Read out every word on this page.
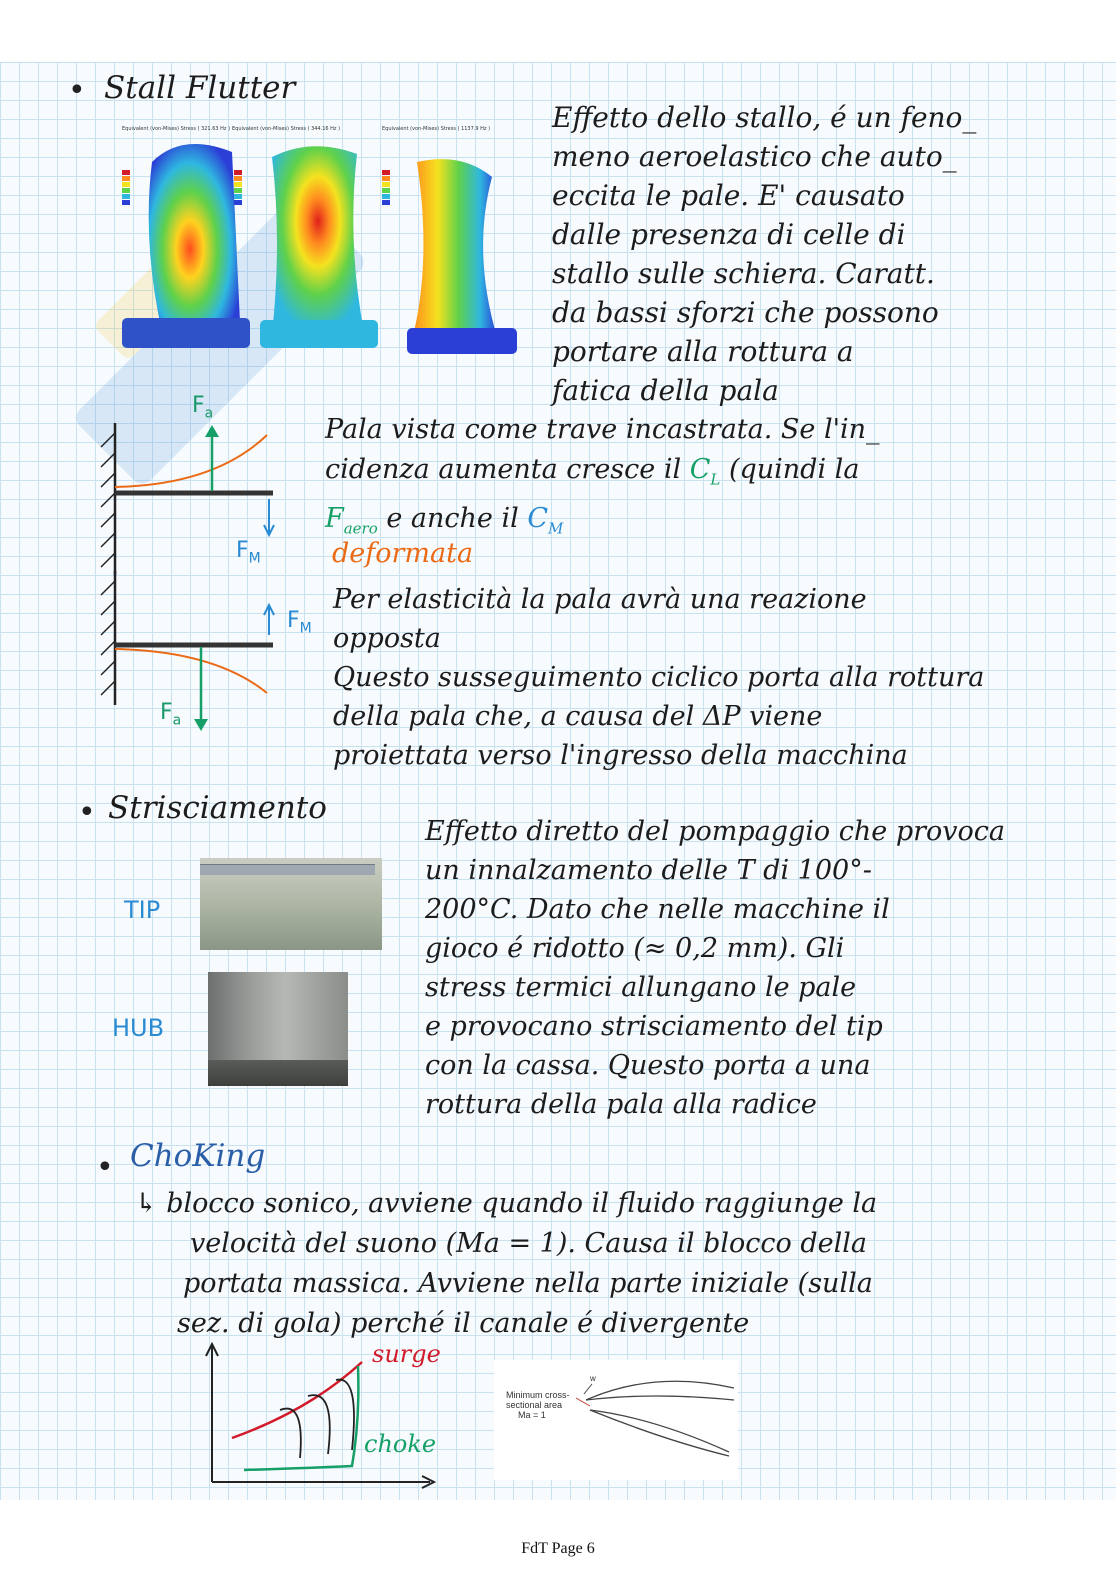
• Stall Flutter
Equivalent (von-Mises) Stress ( 321.63 Hz ) Equivalent (von-Mises) Stress ( 344.16 Hz )	Equivalent (von-Mises) Stress ( 1137.9 Hz ) Effetto dello stallo, é un feno_
meno aeroelastico che auto_
eccita le pale. E' causato
dalle presenza di celle di
stallo sulle schiera. Caratt.
da bassi sforzi che possono
portare alla rottura a
fatica della pala
$F_a$
$F_M$
$F_M$
$F_a$
Pala vista come trave incastrata. Se l'in_
cidenza aumenta cresce il $C_L$ (quindi la
$F_{aero}$ e anche il $C_M$
deformata
Per elasticità la pala avrà una reazione
opposta
Questo susseguimento ciclico porta alla rottura
della pala che, a causa del ΔP viene
proiettata verso l'ingresso della macchina
• Strisciamento
TIP
HUB
Effetto diretto del pompaggio che provoca
un innalzamento delle T di 100°-
200°C. Dato che nelle macchine il
gioco é ridotto (≈ 0,2 mm). Gli
stress termici allungano le pale
e provocano strisciamento del tip
con la cassa. Questo porta a una
rottura della pala alla radice
• ChoKing
↳ blocco sonico, avviene quando il fluido raggiunge la
velocità del suono (Ma = 1). Causa il blocco della
portata massica. Avviene nella parte iniziale (sulla
sez. di gola) perché il canale é divergente
surge
choke
Minimum cross-
sectional area
Ma = 1
w
FdT Page 6
